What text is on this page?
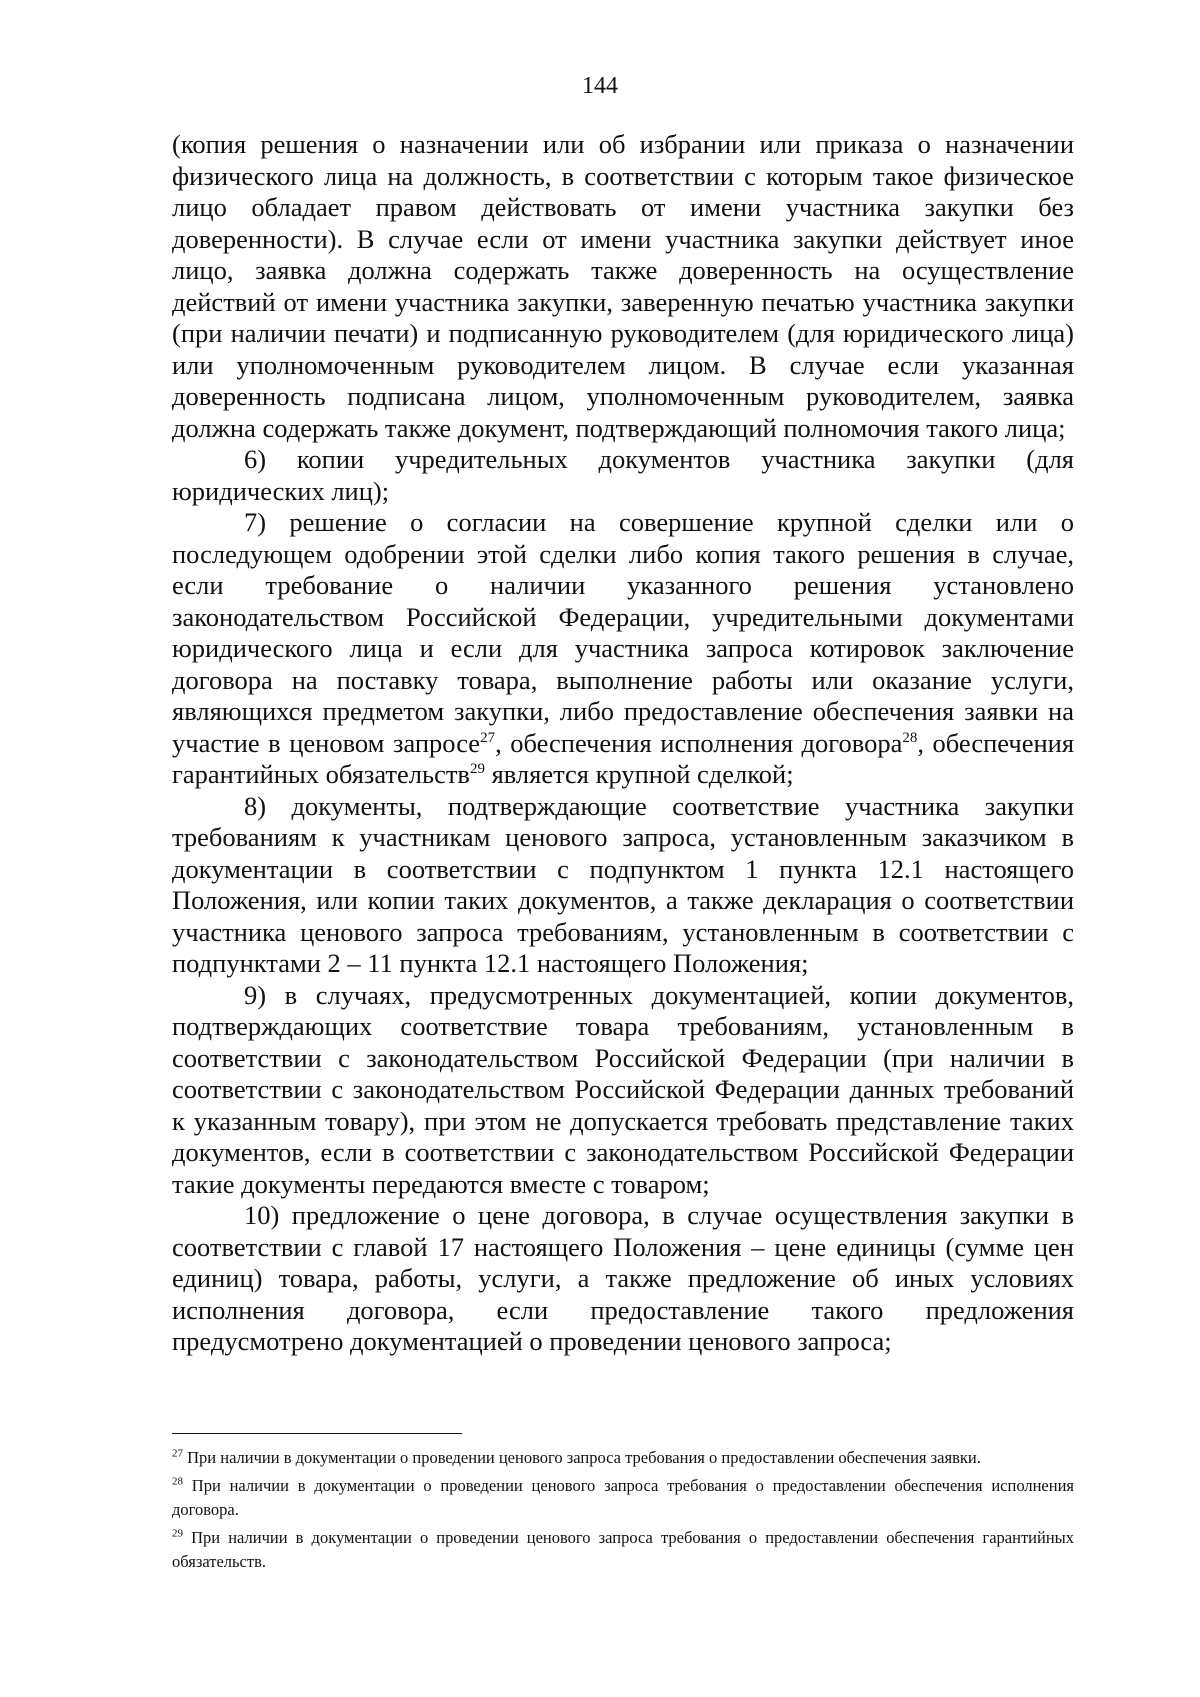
144

(копия решения о назначении или об избрании или приказа о назначении физического лица на должность, в соответствии с которым такое физическое лицо обладает правом действовать от имени участника закупки без доверенности). В случае если от имени участника закупки действует иное лицо, заявка должна содержать также доверенность на осуществление действий от имени участника закупки, заверенную печатью участника закупки (при наличии печати) и подписанную руководителем (для юридического лица) или уполномоченным руководителем лицом. В случае если указанная доверенность подписана лицом, уполномоченным руководителем, заявка должна содержать также документ, подтверждающий полномочия такого лица;

6) копии учредительных документов участника закупки (для юридических лиц);

7) решение о согласии на совершение крупной сделки или о последующем одобрении этой сделки либо копия такого решения в случае, если требование о наличии указанного решения установлено законодательством Российской Федерации, учредительными документами юридического лица и если для участника запроса котировок заключение договора на поставку товара, выполнение работы или оказание услуги, являющихся предметом закупки, либо предоставление обеспечения заявки на участие в ценовом запросе$^{27}$, обеспечения исполнения договора$^{28}$, обеспечения гарантийных обязательств$^{29}$ является крупной сделкой;

8) документы, подтверждающие соответствие участника закупки требованиям к участникам ценового запроса, установленным заказчиком в документации в соответствии с подпунктом 1 пункта 12.1 настоящего Положения, или копии таких документов, а также декларация о соответствии участника ценового запроса требованиям, установленным в соответствии с подпунктами 2 – 11 пункта 12.1 настоящего Положения;

9) в случаях, предусмотренных документацией, копии документов, подтверждающих соответствие товара требованиям, установленным в соответствии с законодательством Российской Федерации (при наличии в соответствии с законодательством Российской Федерации данных требований к указанным товару), при этом не допускается требовать представление таких документов, если в соответствии с законодательством Российской Федерации такие документы передаются вместе с товаром;

10) предложение о цене договора, в случае осуществления закупки в соответствии с главой 17 настоящего Положения – цене единицы (сумме цен единиц) товара, работы, услуги, а также предложение об иных условиях исполнения договора, если предоставление такого предложения предусмотрено документацией о проведении ценового запроса;

$^{27}$ При наличии в документации о проведении ценового запроса требования о предоставлении обеспечения заявки.

$^{28}$ При наличии в документации о проведении ценового запроса требования о предоставлении обеспечения исполнения договора.

$^{29}$ При наличии в документации о проведении ценового запроса требования о предоставлении обеспечения гарантийных обязательств.
